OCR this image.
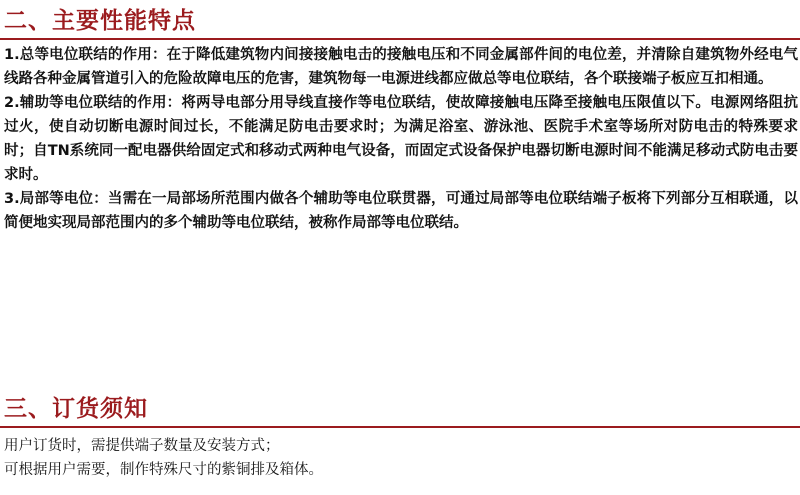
二、主要性能特点

1.总等电位联结的作用：在于降低建筑物内间接接触电击的接触电压和不同金属部件间的电位差，并清除自建筑物外经电气线路各种金属管道引入的危险故障电压的危害，建筑物每一电源进线都应做总等电位联结，各个联接端子板应互扣相通。

2.辅助等电位联结的作用：将两导电部分用导线直接作等电位联结，使故障接触电压降至接触电压限值以下。电源网络阻抗过火，使自动切断电源时间过长，不能满足防电击要求时；为满足浴室、游泳池、医院手术室等场所对防电击的特殊要求时；自TN系统同一配电器供给固定式和移动式两种电气设备，而固定式设备保护电器切断电源时间不能满足移动式防电击要求时。

3.局部等电位：当需在一局部场所范围内做各个辅助等电位联贯器，可通过局部等电位联结端子板将下列部分互相联通，以简便地实现局部范围内的多个辅助等电位联结，被称作局部等电位联结。

三、订货须知

用户订货时，需提供端子数量及安装方式；

可根据用户需要，制作特殊尺寸的紫铜排及箱体。
